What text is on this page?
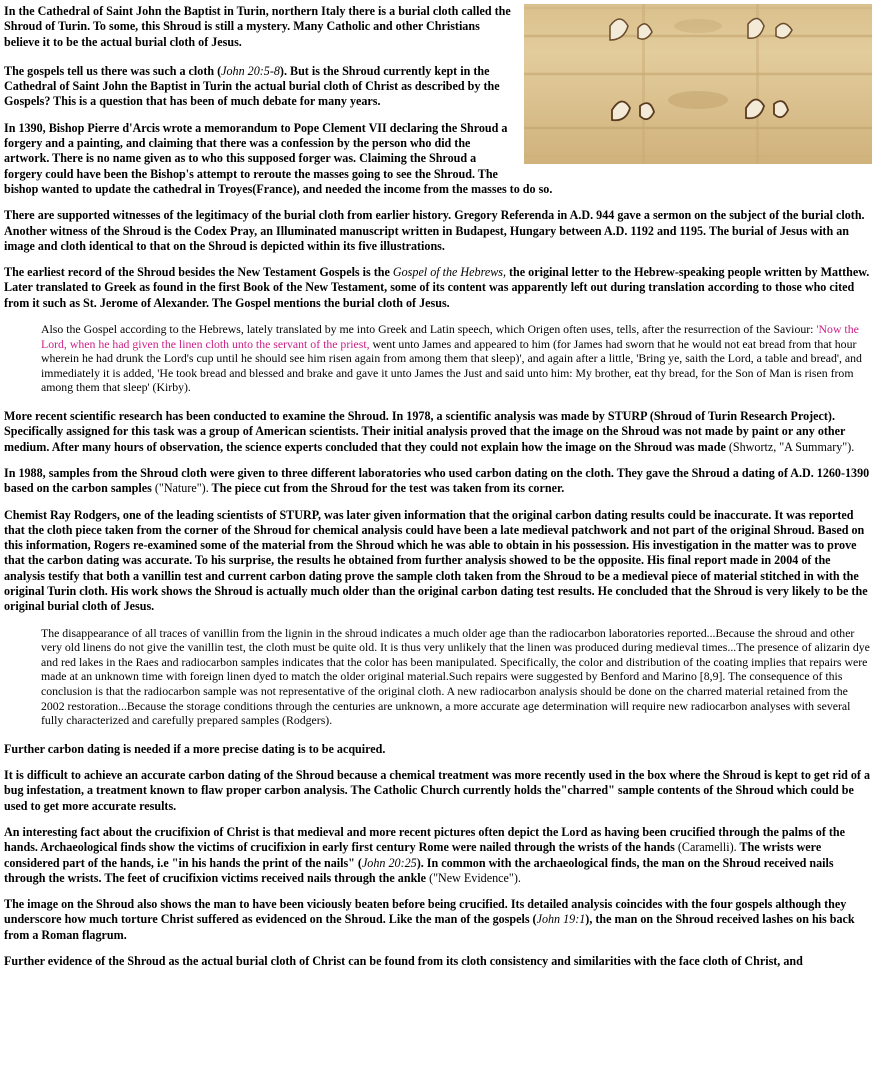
In the Cathedral of Saint John the Baptist in Turin, northern Italy there is a burial cloth called the Shroud of Turin. To some, this Shroud is still a mystery. Many Catholic and other Christians believe it to be the actual burial cloth of Jesus.

The gospels tell us there was such a cloth (John 20:5-8). But is the Shroud currently kept in the Cathedral of Saint John the Baptist in Turin the actual burial cloth of Christ as described by the Gospels? This is a question that has been of much debate for many years.

In 1390, Bishop Pierre d'Arcis wrote a memorandum to Pope Clement VII declaring the Shroud a forgery and a painting, and claiming that there was a confession by the person who did the artwork. There is no name given as to who this supposed forger was. Claiming the Shroud a forgery could have been the Bishop's attempt to reroute the masses going to see the Shroud. The bishop wanted to update the cathedral in Troyes(France), and needed the income from the masses to do so.

There are supported witnesses of the legitimacy of the burial cloth from earlier history. Gregory Referenda in A.D. 944 gave a sermon on the subject of the burial cloth. Another witness of the Shroud is the Codex Pray, an Illuminated manuscript written in Budapest, Hungary between A.D. 1192 and 1195. The burial of Jesus with an image and cloth identical to that on the Shroud is depicted within its five illustrations.

The earliest record of the Shroud besides the New Testament Gospels is the Gospel of the Hebrews, the original letter to the Hebrew-speaking people written by Matthew. Later translated to Greek as found in the first Book of the New Testament, some of its content was apparently left out during translation according to those who cited from it such as St. Jerome of Alexander. The Gospel mentions the burial cloth of Jesus.

Also the Gospel according to the Hebrews, lately translated by me into Greek and Latin speech, which Origen often uses, tells, after the resurrection of the Saviour: 'Now the Lord, when he had given the linen cloth unto the servant of the priest, went unto James and appeared to him (for James had sworn that he would not eat bread from that hour wherein he had drunk the Lord's cup until he should see him risen again from among them that sleep)', and again after a little, 'Bring ye, saith the Lord, a table and bread', and immediately it is added, 'He took bread and blessed and brake and gave it unto James the Just and said unto him: My brother, eat thy bread, for the Son of Man is risen from among them that sleep' (Kirby).

More recent scientific research has been conducted to examine the Shroud. In 1978, a scientific analysis was made by STURP (Shroud of Turin Research Project). Specifically assigned for this task was a group of American scientists. Their initial analysis proved that the image on the Shroud was not made by paint or any other medium. After many hours of observation, the science experts concluded that they could not explain how the image on the Shroud was made (Shwortz, "A Summary").

In 1988, samples from the Shroud cloth were given to three different laboratories who used carbon dating on the cloth. They gave the Shroud a dating of A.D. 1260-1390 based on the carbon samples ("Nature"). The piece cut from the Shroud for the test was taken from its corner.

Chemist Ray Rodgers, one of the leading scientists of STURP, was later given information that the original carbon dating results could be inaccurate. It was reported that the cloth piece taken from the corner of the Shroud for chemical analysis could have been a late medieval patchwork and not part of the original Shroud. Based on this information, Rogers re-examined some of the material from the Shroud which he was able to obtain in his possession. His investigation in the matter was to prove that the carbon dating was accurate. To his surprise, the results he obtained from further analysis showed to be the opposite. His final report made in 2004 of the analysis testify that both a vanillin test and current carbon dating prove the sample cloth taken from the Shroud to be a medieval piece of material stitched in with the original Turin cloth. His work shows the Shroud is actually much older than the original carbon dating test results. He concluded that the Shroud is very likely to be the original burial cloth of Jesus.

The disappearance of all traces of vanillin from the lignin in the shroud indicates a much older age than the radiocarbon laboratories reported...Because the shroud and other very old linens do not give the vanillin test, the cloth must be quite old. It is thus very unlikely that the linen was produced during medieval times...The presence of alizarin dye and red lakes in the Raes and radiocarbon samples indicates that the color has been manipulated. Specifically, the color and distribution of the coating implies that repairs were made at an unknown time with foreign linen dyed to match the older original material.Such repairs were suggested by Benford and Marino [8,9]. The consequence of this conclusion is that the radiocarbon sample was not representative of the original cloth. A new radiocarbon analysis should be done on the charred material retained from the 2002 restoration...Because the storage conditions through the centuries are unknown, a more accurate age determination will require new radiocarbon analyses with several fully characterized and carefully prepared samples (Rodgers).

Further carbon dating is needed if a more precise dating is to be acquired.

It is difficult to achieve an accurate carbon dating of the Shroud because a chemical treatment was more recently used in the box where the Shroud is kept to get rid of a bug infestation, a treatment known to flaw proper carbon analysis. The Catholic Church currently holds the"charred" sample contents of the Shroud which could be used to get more accurate results.

An interesting fact about the crucifixion of Christ is that medieval and more recent pictures often depict the Lord as having been crucified through the palms of the hands. Archaeological finds show the victims of crucifixion in early first century Rome were nailed through the wrists of the hands (Caramelli). The wrists were considered part of the hands, i.e "in his hands the print of the nails" (John 20:25). In common with the archaeological finds, the man on the Shroud received nails through the wrists. The feet of crucifixion victims received nails through the ankle ("New Evidence").

The image on the Shroud also shows the man to have been viciously beaten before being crucified. Its detailed analysis coincides with the four gospels although they underscore how much torture Christ suffered as evidenced on the Shroud. Like the man of the gospels (John 19:1), the man on the Shroud received lashes on his back from a Roman flagrum.

Further evidence of the Shroud as the actual burial cloth of Christ can be found from its cloth consistency and similarities with the face cloth of Christ, and
